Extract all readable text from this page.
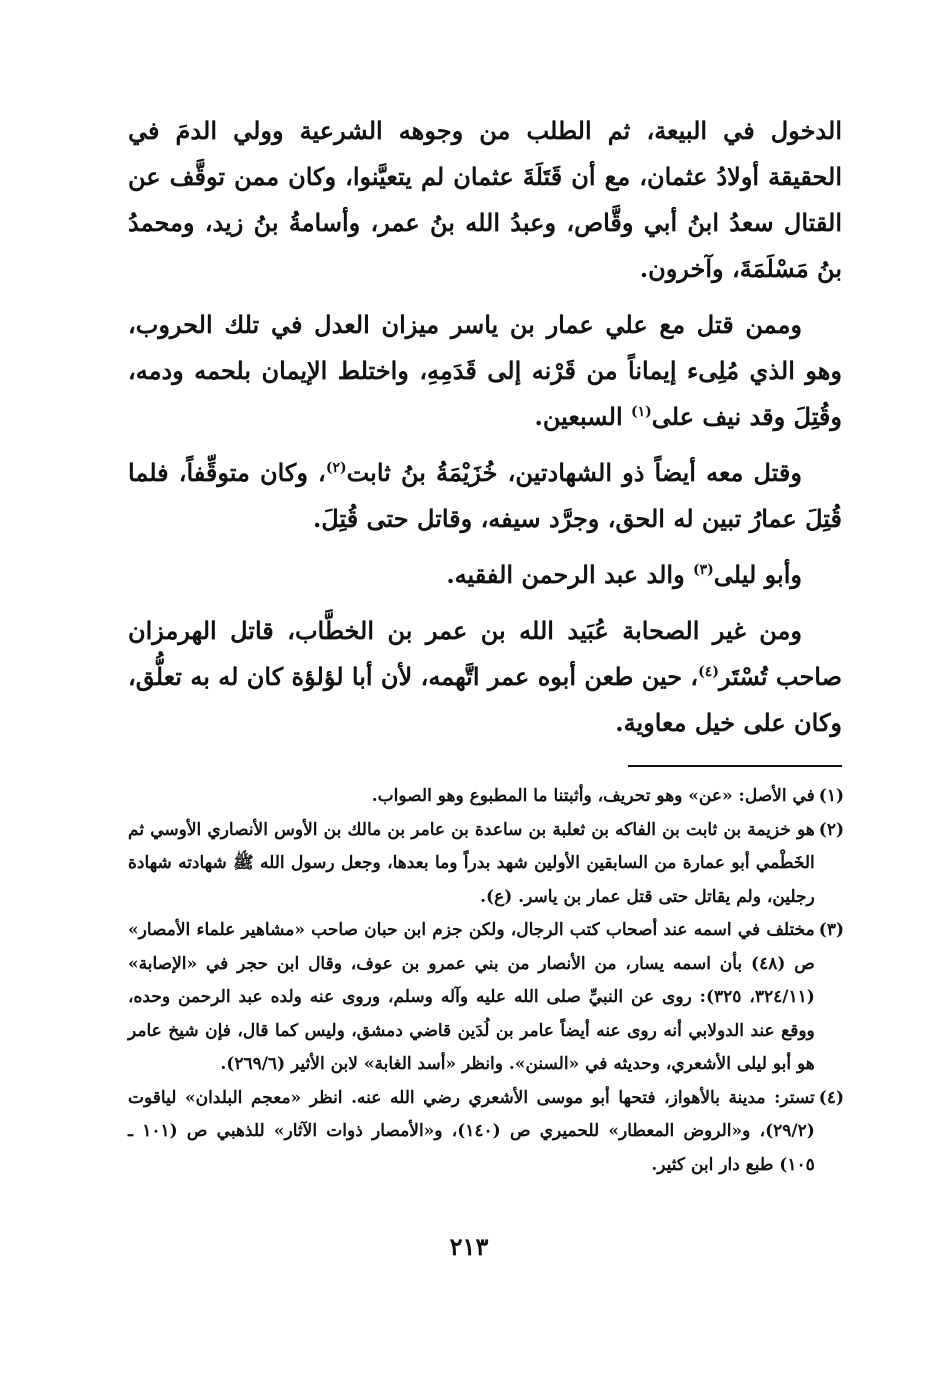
الدخول في البيعة، ثم الطلب من وجوهه الشرعية وولي الدمَ في الحقيقة أولادُ عثمان، مع أن قَتَلَةَ عثمان لم يتعيَّنوا، وكان ممن توقَّف عن القتال سعدُ ابنُ أبي وقَّاص، وعبدُ الله بنُ عمر، وأسامةُ بنُ زيد، ومحمدُ بنُ مَسْلَمَةَ، وآخرون.

وممن قتل مع علي عمار بن ياسر ميزان العدل في تلك الحروب، وهو الذي مُلِىء إيماناً من قَرْنه إلى قَدَمِهِ، واختلط الإيمان بلحمه ودمه، وقُتِلَ وقد نيف على$^{(١)}$ السبعين.

وقتل معه أيضاً ذو الشهادتين، خُزَيْمَةُ بنُ ثابت$^{(٢)}$، وكان متوقِّفاً، فلما قُتِلَ عمارُ تبين له الحق، وجرَّد سيفه، وقاتل حتى قُتِلَ.

وأبو ليلى$^{(٣)}$ والد عبد الرحمن الفقيه.

ومن غير الصحابة عُبَيد الله بن عمر بن الخطَّاب، قاتل الهرمزان صاحب تُسْتَر$^{(٤)}$، حين طعن أبوه عمر اتَّهمه، لأن أبا لؤلؤة كان له به تعلُّق، وكان على خيل معاوية.

(١)
في الأصل: «عن» وهو تحريف، وأثبتنا ما المطبوع وهو الصواب.
(٢)
هو خزيمة بن ثابت بن الفاكه بن ثعلبة بن ساعدة بن عامر بن مالك بن الأوس الأنصاري الأوسي ثم الخَطْمي أبو عمارة من السابقين الأولين شهد بدراً وما بعدها، وجعل رسول الله ﷺ شهادته شهادة رجلين، ولم يقاتل حتى قتل عمار بن ياسر. (ع).
(٣)
مختلف في اسمه عند أصحاب كتب الرجال، ولكن جزم ابن حبان صاحب «مشاهير علماء الأمصار» ص (٤٨) بأن اسمه يسار، من الأنصار من بني عمرو بن عوف، وقال ابن حجر في «الإصابة» (٣٢٤/١١، ٣٢٥): روى عن النبيِّ صلى الله عليه وآله وسلم، وروى عنه ولده عبد الرحمن وحده، ووقع عند الدولابي أنه روى عنه أيضاً عامر بن لُدَين قاضي دمشق، وليس كما قال، فإن شيخ عامر هو أبو ليلى الأشعري، وحديثه في «السنن». وانظر «أسد الغابة» لابن الأثير (٢٦٩/٦).
(٤)
تستر: مدينة بالأهواز، فتحها أبو موسى الأشعري رضي الله عنه. انظر «معجم البلدان» لياقوت (٢٩/٢)، و«الروض المعطار» للحميري ص (١٤٠)، و«الأمصار ذوات الآثار» للذهبي ص (١٠١ ـ ١٠٥) طبع دار ابن كثير.
٢١٣
